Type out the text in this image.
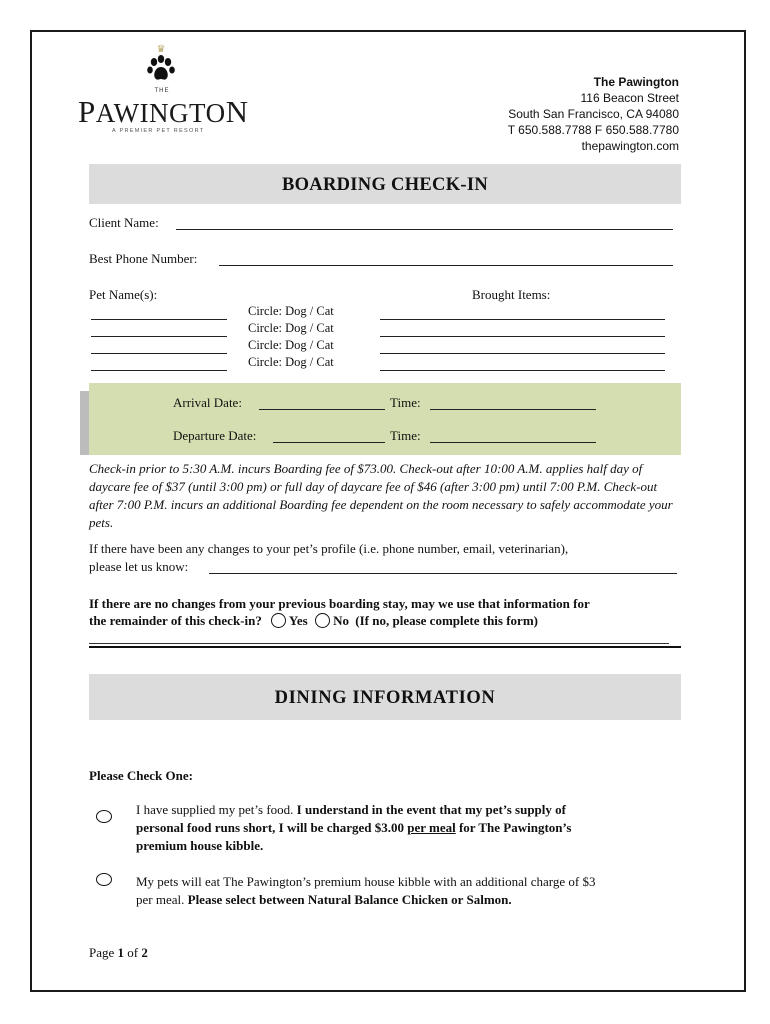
♛
THE
PAWINGTON
A PREMIER PET RESORT
The Pawington
116 Beacon Street
South San Francisco, CA 94080
T 650.588.7788 F 650.588.7780
thepawington.com
BOARDING CHECK-IN
Client Name:
Best Phone Number:
Pet Name(s):	Brought Items:
Circle: Dog / Cat
Circle: Dog / Cat
Circle: Dog / Cat
Circle: Dog / Cat
Arrival Date:	Time:
Departure Date:	Time:
Check-in prior to 5:30 A.M. incurs Boarding fee of $73.00. Check-out after 10:00 A.M. applies half day of daycare fee of $37 (until 3:00 pm) or full day of daycare fee of $46 (after 3:00 pm) until 7:00 P.M. Check-out after 7:00 P.M. incurs an additional Boarding fee dependent on the room necessary to safely accommodate your pets.
If there have been any changes to your pet’s profile (i.e. phone number, email, veterinarian),
please let us know:
If there are no changes from your previous boarding stay, may we use that information for
the remainder of this check-in? Yes No (If no, please complete this form)
DINING INFORMATION
Please Check One:
I have supplied my pet’s food. I understand in the event that my pet’s supply of
personal food runs short, I will be charged $3.00 per meal for The Pawington’s
premium house kibble.
My pets will eat The Pawington’s premium house kibble with an additional charge of $3
per meal. Please select between Natural Balance Chicken or Salmon.
Page 1 of 2
